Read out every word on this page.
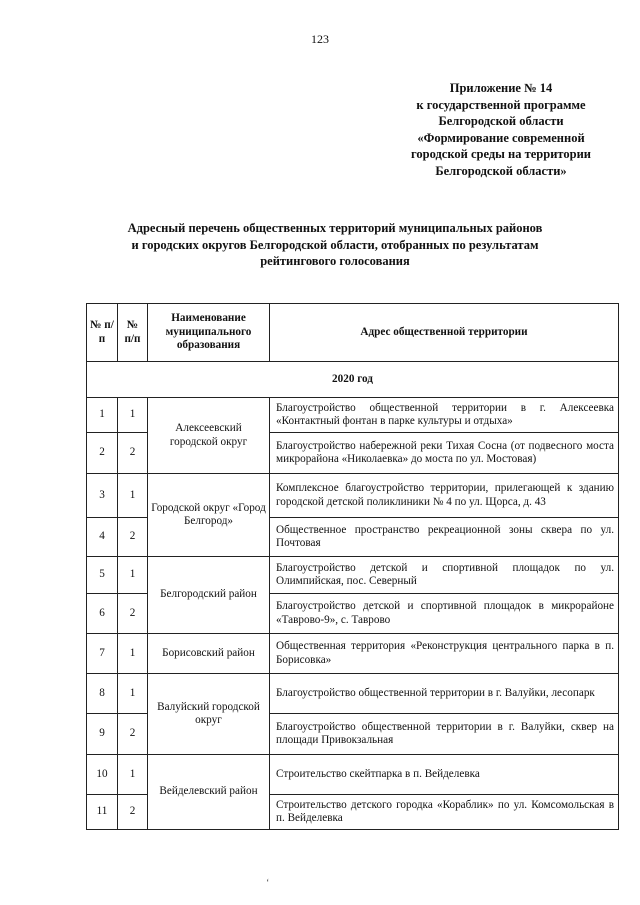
123
Приложение № 14
к государственной программе
Белгородской области
«Формирование современной
городской среды на территории
Белгородской области»
Адресный перечень общественных территорий муниципальных районов
и городских округов Белгородской области, отобранных по результатам
рейтингового голосования
№ п/п	№ п/п	Наименование муниципального образования	Адрес общественной территории
2020 год			
1	1	Алексеевский городской округ	Благоустройство общественной территории в г. Алексеевка «Контактный фонтан в парке культуры и отдыха»
2	2		Благоустройство набережной реки Тихая Сосна (от подвесного моста микрорайона «Николаевка» до моста по ул. Мостовая)
3	1	Городской округ «Город Белгород»	Комплексное благоустройство территории, прилегающей к зданию городской детской поликлиники № 4 по ул. Щорса, д. 43
4	2		Общественное пространство рекреационной зоны сквера по ул. Почтовая
5	1	Белгородский район	Благоустройство детской и спортивной площадок по ул. Олимпийская, пос. Северный
6	2		Благоустройство детской и спортивной площадок в микрорайоне «Таврово-9», с. Таврово
7	1	Борисовский район	Общественная территория «Реконструкция центрального парка в п. Борисовка»
8	1	Валуйский городской округ	Благоустройство общественной территории в г. Валуйки, лесопарк
9	2		Благоустройство общественной территории в г. Валуйки, сквер на площади Привокзальная
10	1	Вейделевский район	Строительство скейтпарка в п. Вейделевка
11	2		Строительство детского городка «Кораблик» по ул. Комсомольская в п. Вейделевка
‘
